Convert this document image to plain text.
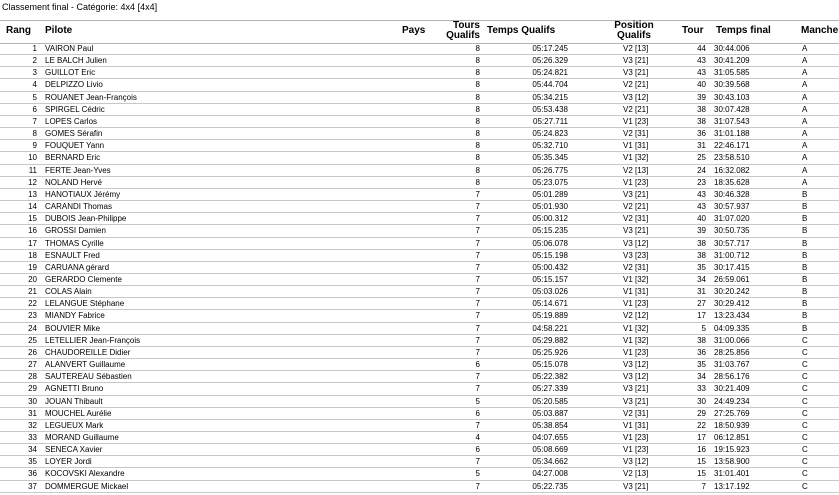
Classement final - Catégorie: 4x4 [4x4]
Rang Pilote	Pays	Tours
Qualifs Temps Qualifs	Position
Qualifs	Tour Temps final	Manche
1 VAIRON Paul	8	05:17.245	V2 [13]	44 30:44.006	A
2 LE BALCH Julien	8	05:26.329	V3 [21]	43 30:41.209	A
3 GUILLOT Eric	8	05:24.821	V3 [21]	43 31:05.585	A
4 DELPIZZO Livio	8	05:44.704	V2 [21]	40 30:39.568	A
5 ROUANET Jean-François	8	05:34.215	V3 [12]	39 30:43.103	A
6 SPIRGEL Cédric	8	05:53.438	V2 [21]	38 30:07.428	A
7 LOPES Carlos	8	05:27.711	V1 [23]	38 31:07.543	A
8 GOMES Sérafin	8	05:24.823	V2 [31]	36 31:01.188	A
9 FOUQUET Yann	8	05:32.710	V1 [31]	31 22:46.171	A
10 BERNARD Eric	8	05:35.345	V1 [32]	25 23:58.510	A
11 FERTE Jean-Yves	8	05:26.775	V2 [13]	24 16:32.082	A
12 NOLAND Hervé	8	05:23.075	V1 [23]	23 18:35.628	A
13 HANOTIAUX Jérémy	7	05:01.289	V3 [21]	43 30:46.328	B
14 CARANDI Thomas	7	05:01.930	V2 [21]	43 30:57.937	B
15 DUBOIS Jean-Philippe	7	05:00.312	V2 [31]	40 31:07.020	B
16 GROSSI Damien	7	05:15.235	V3 [21]	39 30:50.735	B
17 THOMAS Cyrille	7	05:06.078	V3 [12]	38 30:57.717	B
18 ESNAULT Fred	7	05:15.198	V3 [23]	38 31:00.712	B
19 CARUANA gérard	7	05:00.432	V2 [31]	35 30:17.415	B
20 GERARDO Clemente	7	05:15.157	V1 [32]	34 26:59.061	B
21 COLAS Alain	7	05:03.026	V1 [31]	31 30:20.242	B
22 LELANGUE Stéphane	7	05:14.671	V1 [23]	27 30:29.412	B
23 MIANDY Fabrice	7	05:19.889	V2 [12]	17 13:23.434	B
24 BOUVIER Mike	7	04:58.221	V1 [32]	5 04:09.335	B
25 LETELLIER Jean-François	7	05:29.882	V1 [32]	38 31:00.066	C
26 CHAUDOREILLE Didier	7	05:25.926	V1 [23]	36 28:25.856	C
27 ALANVERT Guillaume	6	05:15.078	V3 [12]	35 31:03.767	C
28 SAUTEREAU Sébastien	7	05:22.382	V3 [12]	34 28:56.176	C
29 AGNETTI Bruno	7	05:27.339	V3 [21]	33 30:21.409	C
30 JOUAN Thibault	5	05:20.585	V3 [21]	30 24:49.234	C
31 MOUCHEL Aurélie	6	05:03.887	V2 [31]	29 27:25.769	C
32 LEGUEUX Mark	7	05:38.854	V1 [31]	22 18:50.939	C
33 MORAND Guillaume	4	04:07.655	V1 [23]	17 06:12.851	C
34 SENECA Xavier	6	05:08.669	V1 [23]	16 19:15.923	C
35 LOYER Jordi	7	05:34.662	V3 [12]	15 13:58.900	C
36 KOCOVSKI Alexandre	5	04:27.008	V2 [13]	15 31:01.401	C
37 DOMMERGUE Mickael	7	05:22.735	V3 [21]	7 13:17.192	C
